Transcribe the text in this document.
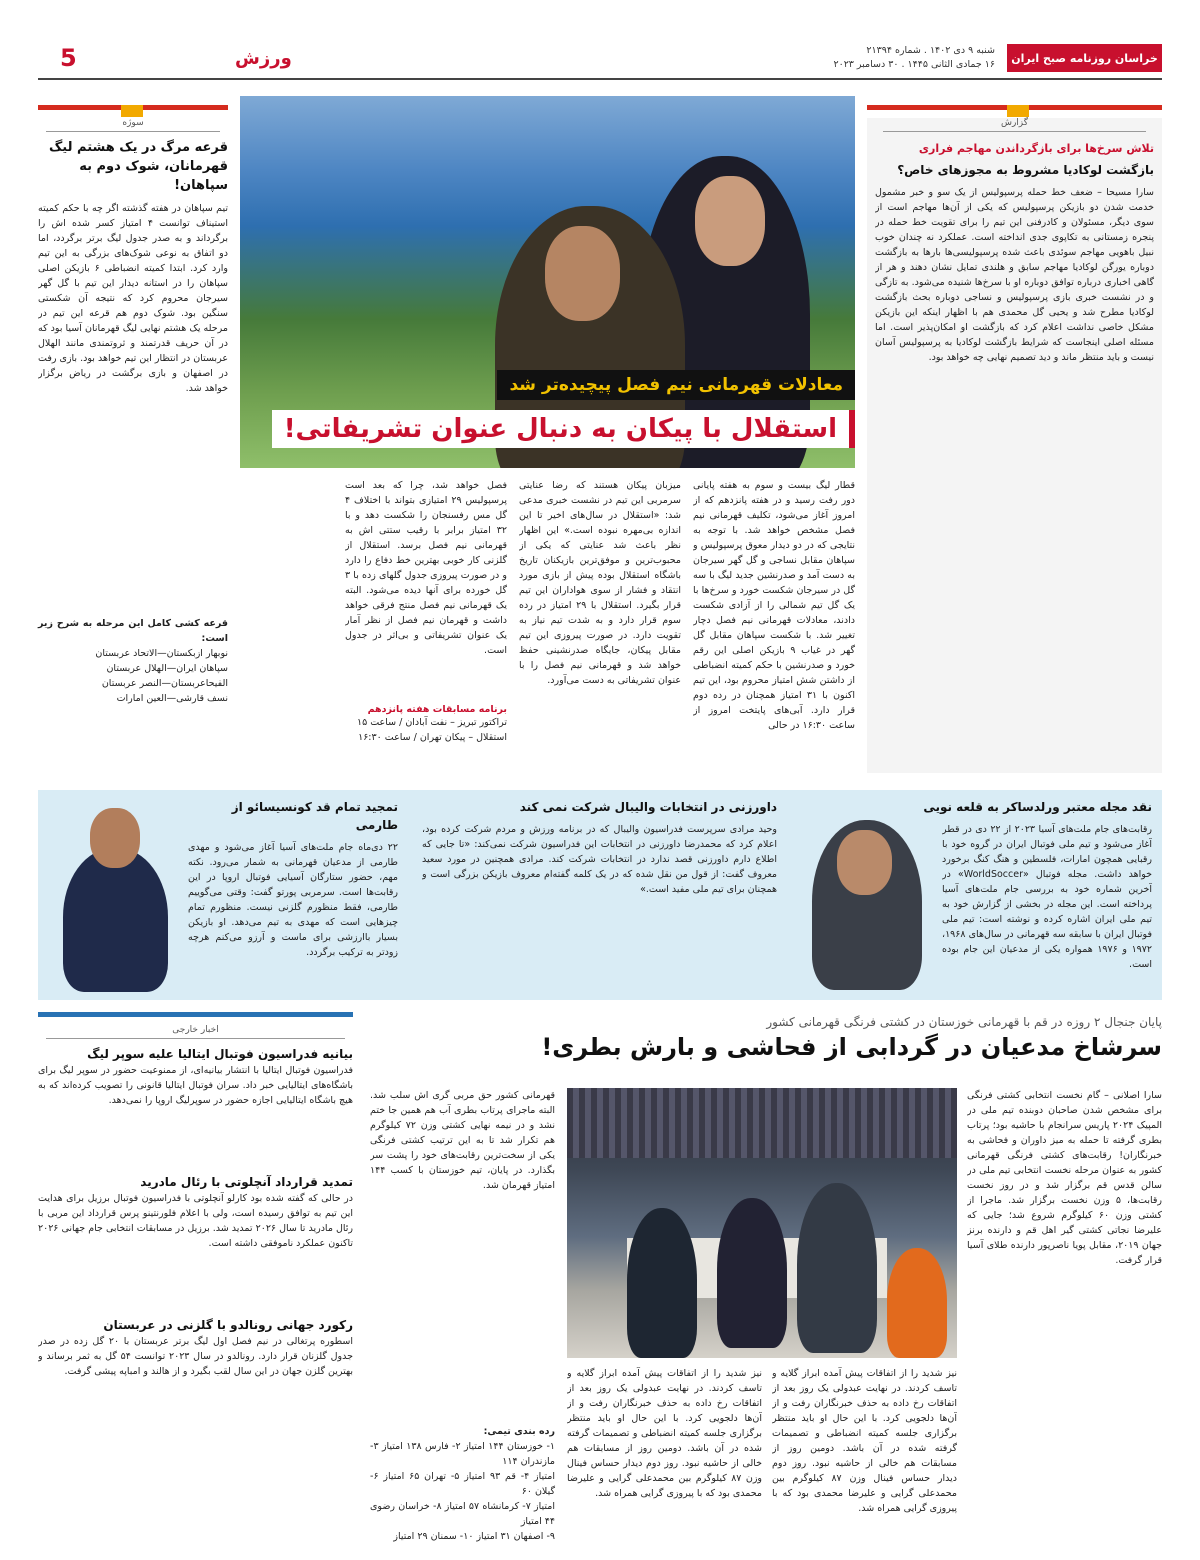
خراسان روزنامه صبح ایران
شنبه ۹ دی ۱۴۰۲ . شماره ۲۱۳۹۴
۱۶ جمادی الثانی ۱۴۴۵ . ۳۰ دسامبر ۲۰۲۳
ورزش
5
گزارش
تلاش سرخ‌ها برای بازگرداندن مهاجم فراری
بازگشت لوکادیا مشروط به مجوزهای خاص؟
سارا مسیحا – ضعف خط حمله پرسپولیس از یک سو و خبر مشمول خدمت شدن دو بازیکن پرسپولیس که یکی از آن‌ها مهاجم است از سوی دیگر، مسئولان و کادرفنی این تیم را برای تقویت خط حمله در پنجره زمستانی به تکاپوی جدی انداخته است. عملکرد نه چندان خوب نبیل باهویی مهاجم سوئدی باعث شده پرسپولیسی‌ها بارها به بازگشت دوباره یورگن لوکادیا مهاجم سابق و هلندی تمایل نشان دهند و هر از گاهی اخباری درباره توافق دوباره او با سرخ‌ها شنیده می‌شود. به تازگی و در نشست خبری بازی پرسپولیس و نساجی دوباره بحث بازگشت لوکادیا مطرح شد و یحیی گل محمدی هم با اظهار اینکه این بازیکن مشکل خاصی نداشت اعلام کرد که بازگشت او امکان‌پذیر است. اما مسئله اصلی اینجاست که شرایط بازگشت لوکادیا به پرسپولیس آسان نیست و باید منتظر ماند و دید تصمیم نهایی چه خواهد بود.
معادلات قهرمانی نیم فصل پیچیده‌تر شد
استقلال با پیکان به دنبال عنوان تشریفاتی!
قطار لیگ بیست و سوم به هفته پایانی دور رفت رسید و در هفته پانزدهم که از امروز آغاز می‌شود، تکلیف قهرمانی نیم فصل مشخص خواهد شد. با توجه به نتایجی که در دو دیدار معوق پرسپولیس و سپاهان مقابل نساجی و گل گهر سیرجان به دست آمد و صدرنشین جدید لیگ با سه گل در سیرجان شکست خورد و سرخ‌ها با یک گل تیم شمالی را از آزادی شکست دادند، معادلات قهرمانی نیم فصل دچار تغییر شد. با شکست سپاهان مقابل گل گهر در غیاب ۹ بازیکن اصلی این رقم خورد و صدرنشین با حکم کمیته انضباطی از داشتن شش امتیاز محروم بود، این تیم اکنون با ۳۱ امتیاز همچنان در رده دوم قرار دارد. آبی‌های پایتخت امروز از ساعت ۱۶:۳۰ در حالی
میزبان پیکان هستند که رضا عنایتی سرمربی این تیم در نشست خبری مدعی شد: «استقلال در سال‌های اخیر تا این اندازه بی‌مهره نبوده است.» این اظهار نظر باعث شد عنایتی که یکی از محبوب‌ترین و موفق‌ترین بازیکنان تاریخ باشگاه استقلال بوده پیش از بازی مورد انتقاد و فشار از سوی هواداران این تیم قرار بگیرد. استقلال با ۲۹ امتیاز در رده سوم قرار دارد و به شدت تیم نیاز به تقویت دارد. در صورت پیروزی این تیم مقابل پیکان، جایگاه صدرنشینی حفظ خواهد شد و قهرمانی نیم فصل را با عنوان تشریفاتی به دست می‌آورد.
فصل خواهد شد، چرا که بعد است پرسپولیس ۲۹ امتیازی بتواند با اختلاف ۴ گل مس رفسنجان را شکست دهد و با ۳۲ امتیاز برابر با رقیب ستتی اش به قهرمانی نیم فصل برسد. استقلال از گلزنی کار خوبی بهترین خط دفاع را دارد و در صورت پیروزی جدول گلهای زده با ۳ گل خورده برای آنها دیده می‌شود. البته یک قهرمانی نیم فصل منتج فرقی خواهد داشت و قهرمان نیم فصل از نظر آمار یک عنوان تشریفاتی و بی‌اثر در جدول است.
برنامه مسابقات هفته پانزدهم
تراکتور تبریز – نفت آبادان / ساعت ۱۵
استقلال – پیکان تهران / ساعت ۱۶:۳۰
سوژه
قرعه مرگ در یک هشتم لیگ قهرمانان، شوک دوم به سپاهان!
تیم سپاهان در هفته گذشته اگر چه با حکم کمیته استیناف توانست ۴ امتیاز کسر شده اش را برگرداند و به صدر جدول لیگ برتر برگردد، اما دو اتفاق به نوعی شوک‌های بزرگی به این تیم وارد کرد. ابتدا کمیته انضباطی ۶ بازیکن اصلی سپاهان را در استانه دیدار این تیم با گل گهر سیرجان محروم کرد که نتیجه آن شکستی سنگین بود. شوک دوم هم قرعه این تیم در مرحله یک هشتم نهایی لیگ قهرمانان آسیا بود که در آن حریف قدرتمند و ثروتمندی مانند الهلال عربستان در انتظار این تیم خواهد بود. بازی رفت در اصفهان و بازی برگشت در ریاض برگزار خواهد شد.
قرعه کشی کامل این مرحله به شرح زیر است:
نوبهار ازبکستان—الاتحاد عربستان
سپاهان ایران—الهلال عربستان
الفیحاعربستان—النصر عربستان
نسف قارشی—العین امارات
نقد مجله معتبر ورلدساکر به قلعه نویی
رقابت‌های جام ملت‌های آسیا ۲۰۲۳ از ۲۲ دی در قطر آغاز می‌شود و تیم ملی فوتبال ایران در گروه خود با رقبایی همچون امارات، فلسطین و هنگ کنگ برخورد خواهد داشت. مجله فوتبال «WorldSoccer» در آخرین شماره خود به بررسی جام ملت‌های آسیا پرداخته است. این مجله در بخشی از گزارش خود به تیم ملی ایران اشاره کرده و نوشته است: تیم ملی فوتبال ایران با سابقه سه قهرمانی در سال‌های ۱۹۶۸، ۱۹۷۲ و ۱۹۷۶ همواره یکی از مدعیان این جام بوده است.
داورزنی در انتخابات والیبال شرکت نمی کند
وحید مرادی سرپرست فدراسیون والیبال که در برنامه ورزش و مردم شرکت کرده بود، اعلام کرد که محمدرضا داورزنی در انتخابات این فدراسیون شرکت نمی‌کند: «تا جایی که اطلاع دارم داورزنی قصد ندارد در انتخابات شرکت کند. مرادی همچنین در مورد سعید معروف گفت: از قول من نقل شده که در یک کلمه گفته‌ام معروف بازیکن بزرگی است و همچنان برای تیم ملی مفید است.»
تمجید تمام قد کونسیسائو از طارمی
۲۲ دی‌ماه جام ملت‌های آسیا آغاز می‌شود و مهدی طارمی از مدعیان قهرمانی به شمار می‌رود. نکته مهم، حضور ستارگان آسیایی فوتبال اروپا در این رقابت‌ها است. سرمربی پورتو گفت: وقتی می‌گوییم طارمی، فقط منظورم گلزنی نیست. منظورم تمام چیزهایی است که مهدی به تیم می‌دهد. او بازیکن بسیار باارزشی برای ماست و آرزو می‌کنم هرچه زودتر به ترکیب برگردد.
پایان جنجال ۲ روزه در قم با قهرمانی خوزستان در کشتی فرنگی قهرمانی کشور
سرشاخ مدعیان در گردابی از فحاشی و بارش بطری!
سارا اصلانی – گام نخست انتخابی کشتی فرنگی برای مشخص شدن صاحبان دوبنده تیم ملی در المپیک ۲۰۲۴ پاریس سرانجام با حاشیه بود؛ پرتاب بطری گرفته تا حمله به میز داوران و فحاشی به خبرنگاران! رقابت‌های کشتی فرنگی قهرمانی کشور به عنوان مرحله نخست انتخابی تیم ملی در سالن قدس قم برگزار شد و در روز نخست رقابت‌ها، ۵ وزن نخست برگزار شد. ماجرا از کشتی وزن ۶۰ کیلوگرم شروع شد؛ جایی که علیرضا نجاتی کشتی گیر اهل قم و دارنده برنز جهان ۲۰۱۹، مقابل پویا ناصرپور دارنده طلای آسیا قرار گرفت.
نیز شدید را از اتفاقات پیش آمده ابراز گلایه و تاسف کردند. در نهایت عبدولی یک روز بعد از اتفاقات رخ داده به حذف خبرنگاران رفت و از آن‌ها دلجویی کرد. با این حال او باید منتظر برگزاری جلسه کمیته انضباطی و تصمیمات گرفته شده در آن باشد. دومین روز از مسابقات هم خالی از حاشیه نبود. روز دوم دیدار حساس فینال وزن ۸۷ کیلوگرم بین محمدعلی گرایی و علیرضا محمدی بود که با پیروزی گرایی همراه شد.
نیز شدید را از اتفاقات پیش آمده ابراز گلایه و تاسف کردند. در نهایت عبدولی یک روز بعد از اتفاقات رخ داده به حذف خبرنگاران رفت و از آن‌ها دلجویی کرد. با این حال او باید منتظر برگزاری جلسه کمیته انضباطی و تصمیمات گرفته شده در آن باشد. دومین روز از مسابقات هم خالی از حاشیه نبود. روز دوم دیدار حساس فینال وزن ۸۷ کیلوگرم بین محمدعلی گرایی و علیرضا محمدی بود که با پیروزی گرایی همراه شد.
قهرمانی کشور حق مربی گری اش سلب شد. البته ماجرای پرتاب بطری آب هم همین جا ختم نشد و در نیمه نهایی کشتی وزن ۷۲ کیلوگرم هم تکرار شد تا به این ترتیب کشتی فرنگی یکی از سخت‌ترین رقابت‌های خود را پشت سر بگذارد. در پایان، تیم خوزستان با کسب ۱۴۴ امتیاز قهرمان شد.
رده بندی تیمی:
۱- خوزستان ۱۴۴ امتیاز ۲- فارس ۱۳۸ امتیاز ۳- مازندران ۱۱۴
امتیاز ۴- قم ۹۳ امتیاز ۵- تهران ۶۵ امتیاز ۶- گیلان ۶۰
امتیاز ۷- کرمانشاه ۵۷ امتیاز ۸- خراسان رضوی ۴۴ امتیاز
۹- اصفهان ۳۱ امتیاز ۱۰- سمنان ۲۹ امتیاز
اخبار خارجی
بیانیه فدراسیون فوتبال ایتالیا علیه سوپر لیگ
فدراسیون فوتبال ایتالیا با انتشار بیانیه‌ای، از ممنوعیت حضور در سوپر لیگ برای باشگاه‌های ایتالیایی خبر داد. سران فوتبال ایتالیا قانونی را تصویب کرده‌اند که به هیچ باشگاه ایتالیایی اجازه حضور در سوپرلیگ اروپا را نمی‌دهد.
تمدید قرارداد آنچلوتی با رئال مادرید
در حالی که گفته شده بود کارلو آنچلوتی با فدراسیون فوتبال برزیل برای هدایت این تیم به توافق رسیده است، ولی با اعلام فلورنتینو پرس قرارداد این مربی با رئال مادرید تا سال ۲۰۲۶ تمدید شد. برزیل در مسابقات انتخابی جام جهانی ۲۰۲۶ تاکنون عملکرد ناموفقی داشته است.
رکورد جهانی رونالدو با گلزنی در عربستان
اسطوره پرتغالی در نیم فصل اول لیگ برتر عربستان با ۲۰ گل زده در صدر جدول گلزنان قرار دارد. رونالدو در سال ۲۰۲۳ توانست ۵۴ گل به ثمر برساند و بهترین گلزن جهان در این سال لقب بگیرد و از هالند و امباپه پیشی گرفت.
